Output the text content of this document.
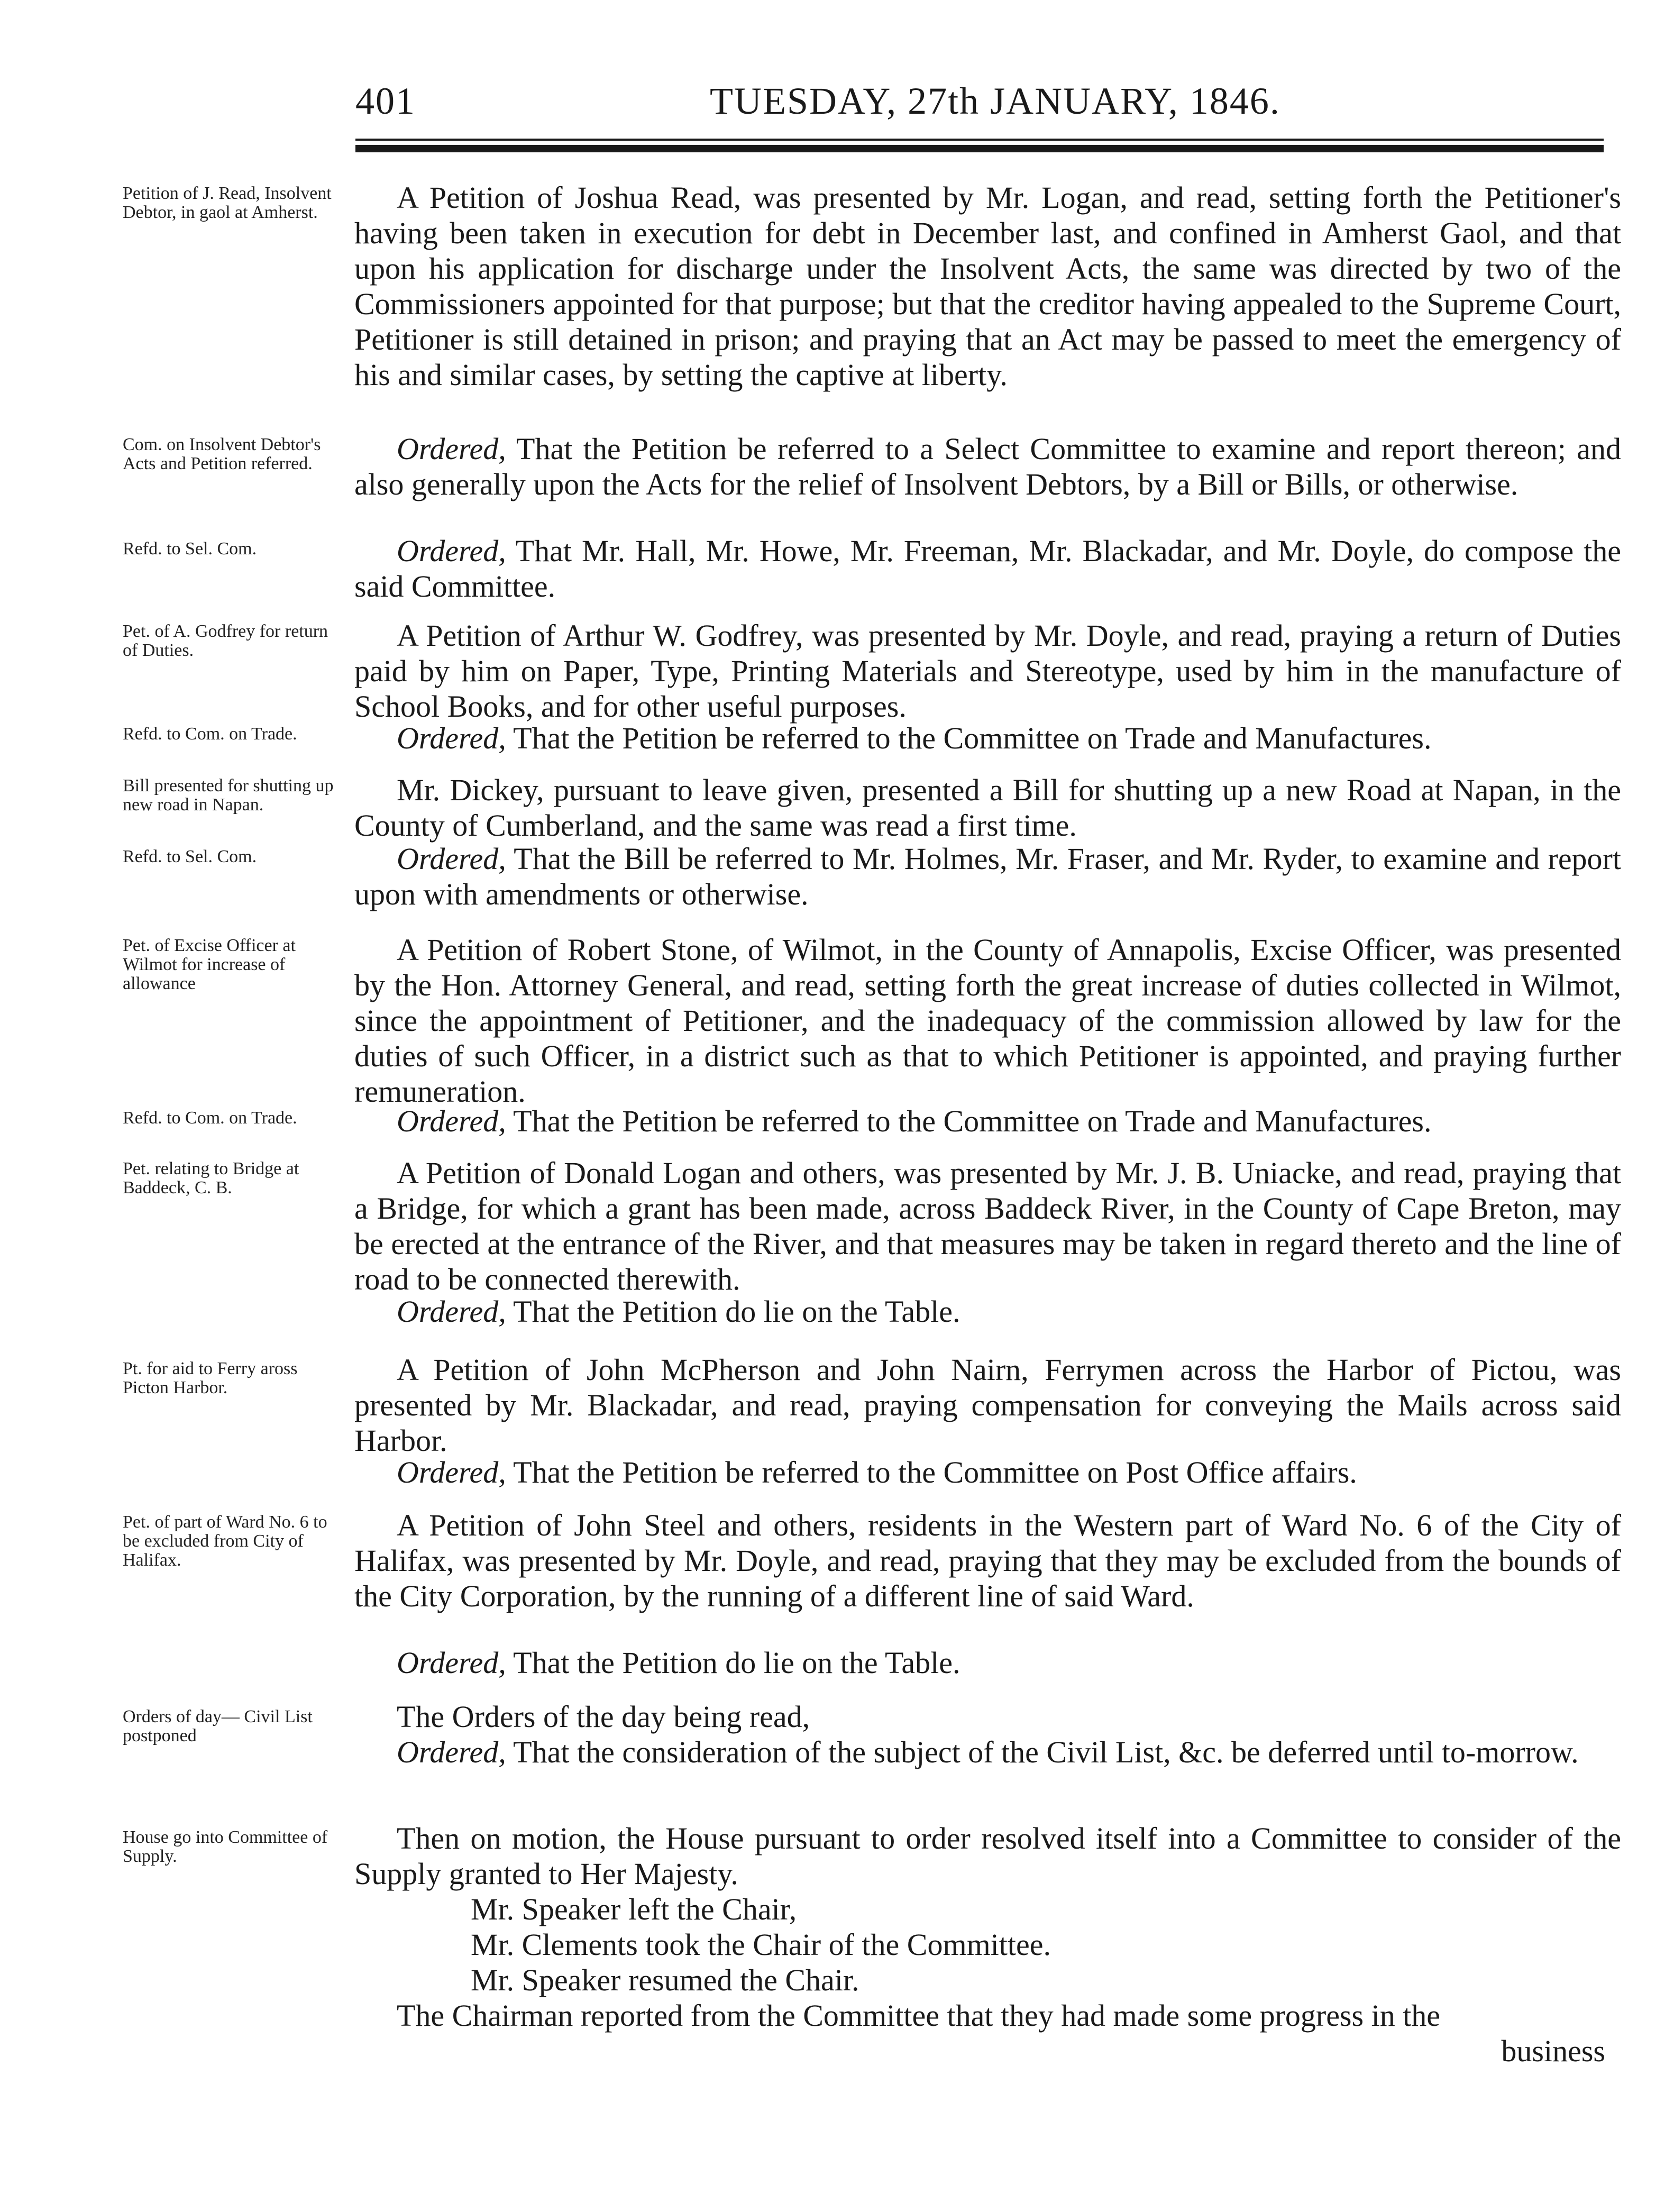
401	TUESDAY, 27th JANUARY, 1846.
Petition of J. Read, Insolvent Debtor, in gaol at Amherst.	A Petition of Joshua Read, was presented by Mr. Logan, and read, setting forth the Petitioner's having been taken in execution for debt in December last, and confined in Amherst Gaol, and that upon his application for discharge under the Insolvent Acts, the same was directed by two of the Commissioners appointed for that purpose; but that the creditor having appealed to the Supreme Court, Petitioner is still detained in prison; and praying that an Act may be passed to meet the emergency of his and similar cases, by setting the captive at liberty.

Com. on Insolvent Debtor's Acts and Petition referred.	Ordered, That the Petition be referred to a Select Committee to examine and report thereon; and also generally upon the Acts for the relief of Insolvent Debtors, by a Bill or Bills, or otherwise.

Refd. to Sel. Com.	Ordered, That Mr. Hall, Mr. Howe, Mr. Freeman, Mr. Blackadar, and Mr. Doyle, do compose the said Committee.

Pet. of A. Godfrey for return of Duties.	A Petition of Arthur W. Godfrey, was presented by Mr. Doyle, and read, praying a return of Duties paid by him on Paper, Type, Printing Materials and Stereotype, used by him in the manufacture of School Books, and for other useful purposes.

Refd. to Com. on Trade.	Ordered, That the Petition be referred to the Committee on Trade and Manufactures.

Bill presented for shutting up new road in Napan.	Mr. Dickey, pursuant to leave given, presented a Bill for shutting up a new Road at Napan, in the County of Cumberland, and the same was read a first time.

Refd. to Sel. Com.	Ordered, That the Bill be referred to Mr. Holmes, Mr. Fraser, and Mr. Ryder, to examine and report upon with amendments or otherwise.

Pet. of Excise Officer at Wilmot for increase of allowance

A Petition of Robert Stone, of Wilmot, in the County of Annapolis, Excise Officer, was presented by the Hon. Attorney General, and read, setting forth the great increase of duties collected in Wilmot, since the appointment of Petitioner, and the inadequacy of the commission allowed by law for the duties of such Officer, in a district such as that to which Petitioner is appointed, and praying further remuneration.

Refd. to Com. on Trade.	Ordered, That the Petition be referred to the Committee on Trade and Manufactures.

Pet. relating to Bridge at Baddeck, C. B.	A Petition of Donald Logan and others, was presented by Mr. J. B. Uniacke, and read, praying that a Bridge, for which a grant has been made, across Baddeck River, in the County of Cape Breton, may be erected at the entrance of the River, and that measures may be taken in regard thereto and the line of road to be connected therewith.

Ordered, That the Petition do lie on the Table.

Pt. for aid to Ferry aross Picton Harbor.

A Petition of John McPherson and John Nairn, Ferrymen across the Harbor of Pictou, was presented by Mr. Blackadar, and read, praying compensation for conveying the Mails across said Harbor.

Ordered, That the Petition be referred to the Committee on Post Office affairs.

Pet. of part of Ward No. 6 to be excluded from City of Halifax.

A Petition of John Steel and others, residents in the Western part of Ward No. 6 of the City of Halifax, was presented by Mr. Doyle, and read, praying that they may be excluded from the bounds of the City Corporation, by the running of a different line of said Ward.

Ordered, That the Petition do lie on the Table.

Orders of day— Civil List postponed

The Orders of the day being read,

Ordered, That the consideration of the subject of the Civil List, &c. be deferred until to-morrow.

House go into Committee of Supply.

Then on motion, the House pursuant to order resolved itself into a Committee to consider of the Supply granted to Her Majesty.

Mr. Speaker left the Chair,
Mr. Clements took the Chair of the Committee.
Mr. Speaker resumed the Chair.

The Chairman reported from the Committee that they had made some progress in the

business
